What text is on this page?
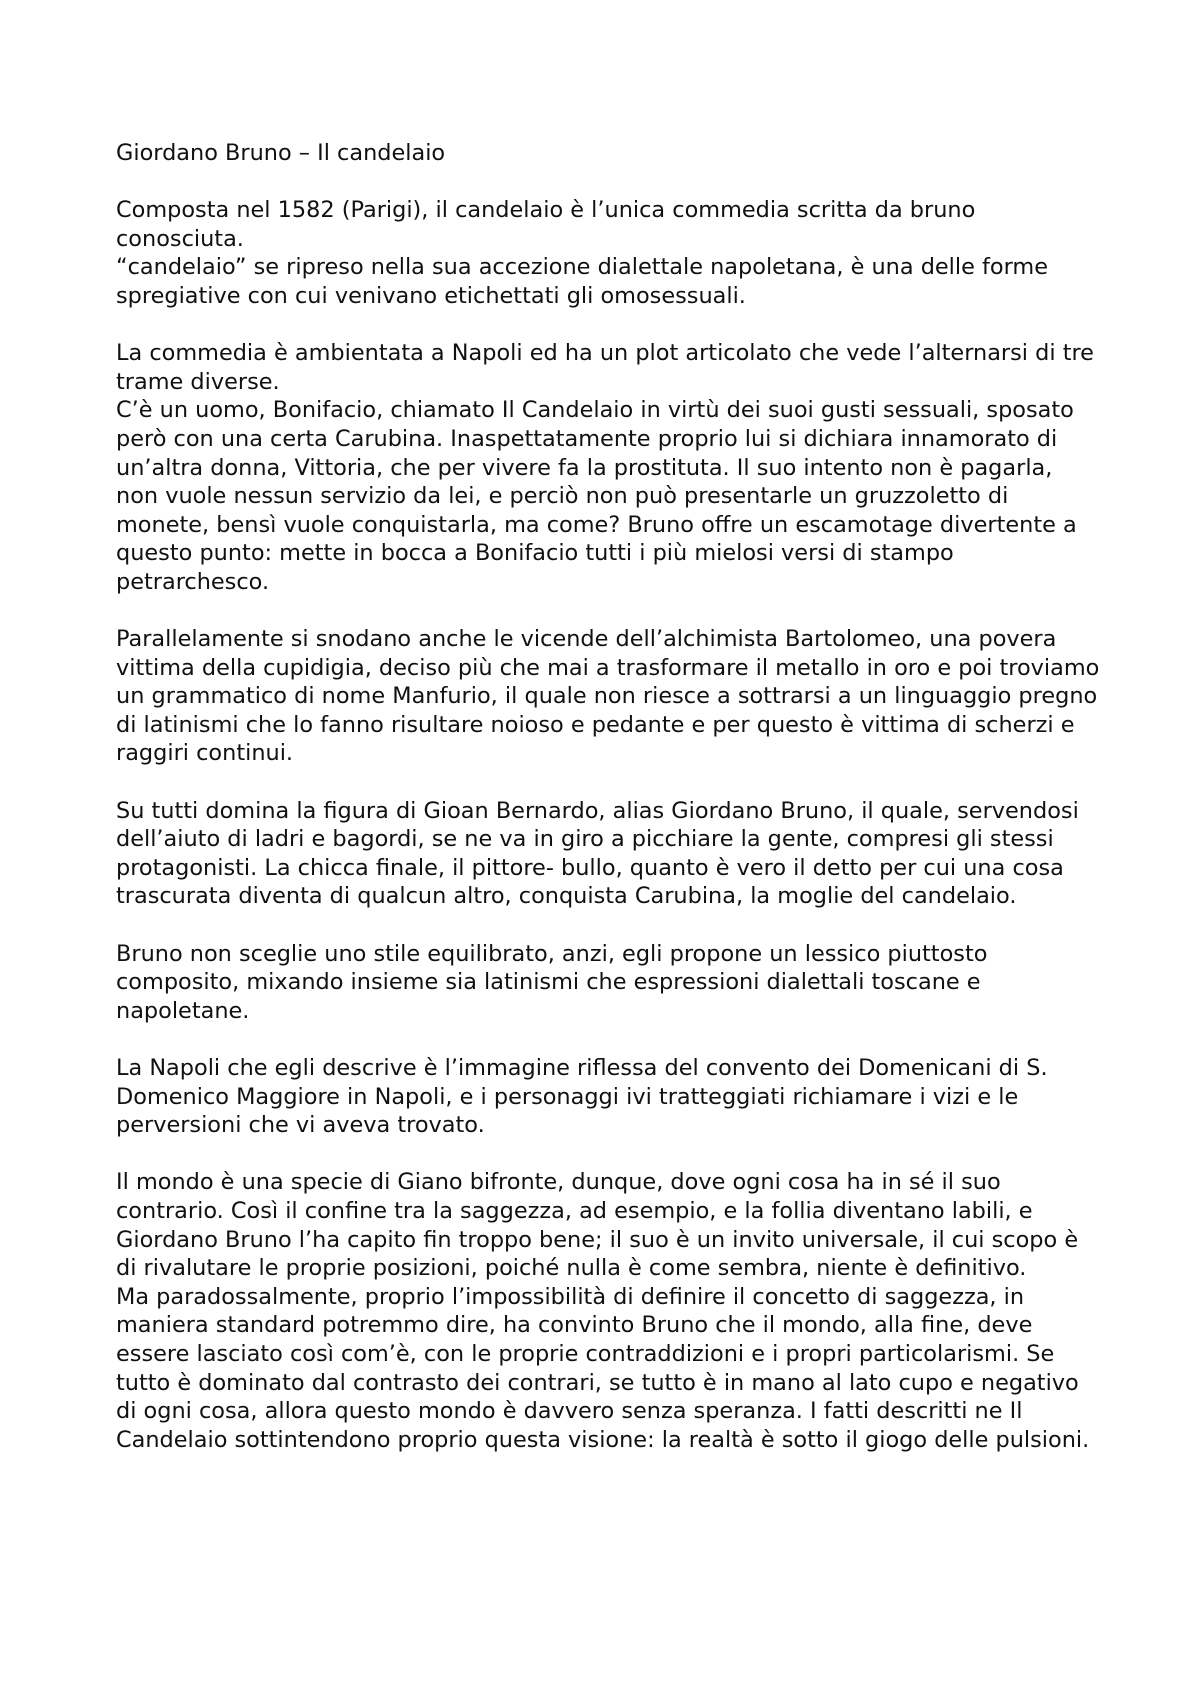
Giordano Bruno – Il candelaio

Composta nel 1582 (Parigi), il candelaio è l’unica commedia scritta da bruno conosciuta.

“candelaio” se ripreso nella sua accezione dialettale napoletana, è una delle forme spregiative con cui venivano etichettati gli omosessuali.

La commedia è ambientata a Napoli ed ha un plot articolato che vede l’alternarsi di tre trame diverse.

C’è un uomo, Bonifacio, chiamato Il Candelaio in virtù dei suoi gusti sessuali, sposato però con una certa Carubina. Inaspettatamente proprio lui si dichiara innamorato di un’altra donna, Vittoria, che per vivere fa la prostituta. Il suo intento non è pagarla, non vuole nessun servizio da lei, e perciò non può presentarle un gruzzoletto di monete, bensì vuole conquistarla, ma come? Bruno offre un escamotage divertente a questo punto: mette in bocca a Bonifacio tutti i più mielosi versi di stampo petrarchesco.

Parallelamente si snodano anche le vicende dell’alchimista Bartolomeo, una povera vittima della cupidigia, deciso più che mai a trasformare il metallo in oro e poi troviamo un grammatico di nome Manfurio, il quale non riesce a sottrarsi a un linguaggio pregno di latinismi che lo fanno risultare noioso e pedante e per questo è vittima di scherzi e raggiri continui.

Su tutti domina la figura di Gioan Bernardo, alias Giordano Bruno, il quale, servendosi dell’aiuto di ladri e bagordi, se ne va in giro a picchiare la gente, compresi gli stessi protagonisti. La chicca finale, il pittore- bullo, quanto è vero il detto per cui una cosa trascurata diventa di qualcun altro, conquista Carubina, la moglie del candelaio.

Bruno non sceglie uno stile equilibrato, anzi, egli propone un lessico piuttosto composito, mixando insieme sia latinismi che espressioni dialettali toscane e napoletane.

La Napoli che egli descrive è l’immagine riflessa del convento dei Domenicani di S. Domenico Maggiore in Napoli, e i personaggi ivi tratteggiati richiamare i vizi e le perversioni che vi aveva trovato.

Il mondo è una specie di Giano bifronte, dunque, dove ogni cosa ha in sé il suo contrario. Così il confine tra la saggezza, ad esempio, e la follia diventano labili, e Giordano Bruno l’ha capito fin troppo bene; il suo è un invito universale, il cui scopo è di rivalutare le proprie posizioni, poiché nulla è come sembra, niente è definitivo.

Ma paradossalmente, proprio l’impossibilità di definire il concetto di saggezza, in maniera standard potremmo dire, ha convinto Bruno che il mondo, alla fine, deve essere lasciato così com’è, con le proprie contraddizioni e i propri particolarismi. Se tutto è dominato dal contrasto dei contrari, se tutto è in mano al lato cupo e negativo di ogni cosa, allora questo mondo è davvero senza speranza. I fatti descritti ne Il Candelaio sottintendono proprio questa visione: la realtà è sotto il giogo delle pulsioni.
